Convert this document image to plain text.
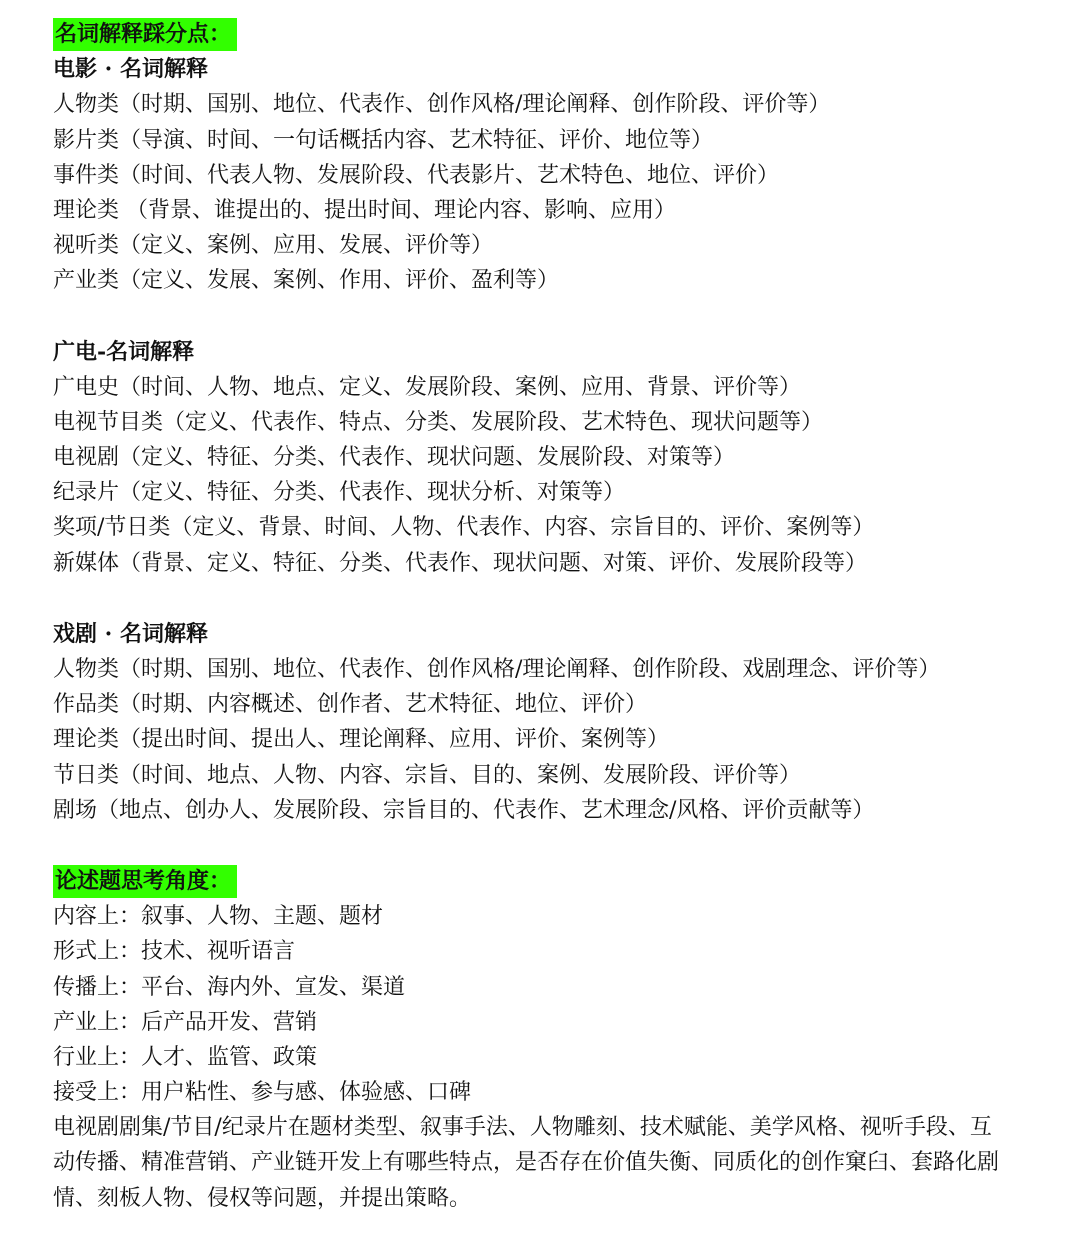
名词解释踩分点：
电影 · 名词解释
人物类（时期、国别、地位、代表作、创作风格/理论阐释、创作阶段、评价等）
影片类（导演、时间、一句话概括内容、艺术特征、评价、地位等）
事件类（时间、代表人物、发展阶段、代表影片、艺术特色、地位、评价）
理论类 （背景、谁提出的、提出时间、理论内容、影响、应用）
视听类（定义、案例、应用、发展、评价等）
产业类（定义、发展、案例、作用、评价、盈利等）
广电-名词解释
广电史（时间、人物、地点、定义、发展阶段、案例、应用、背景、评价等）
电视节目类（定义、代表作、特点、分类、发展阶段、艺术特色、现状问题等）
电视剧（定义、特征、分类、代表作、现状问题、发展阶段、对策等）
纪录片（定义、特征、分类、代表作、现状分析、对策等）
奖项/节日类（定义、背景、时间、人物、代表作、内容、宗旨目的、评价、案例等）
新媒体（背景、定义、特征、分类、代表作、现状问题、对策、评价、发展阶段等）
戏剧 · 名词解释
人物类（时期、国别、地位、代表作、创作风格/理论阐释、创作阶段、戏剧理念、评价等）
作品类（时期、内容概述、创作者、艺术特征、地位、评价）
理论类（提出时间、提出人、理论阐释、应用、评价、案例等）
节日类（时间、地点、人物、内容、宗旨、目的、案例、发展阶段、评价等）
剧场（地点、创办人、发展阶段、宗旨目的、代表作、艺术理念/风格、评价贡献等）
论述题思考角度：
内容上：叙事、人物、主题、题材
形式上：技术、视听语言
传播上：平台、海内外、宣发、渠道
产业上：后产品开发、营销
行业上：人才、监管、政策
接受上：用户粘性、参与感、体验感、口碑

电视剧剧集/节目/纪录片在题材类型、叙事手法、人物雕刻、技术赋能、美学风格、视听手段、互动传播、精准营销、产业链开发上有哪些特点，是否存在价值失衡、同质化的创作窠臼、套路化剧情、刻板人物、侵权等问题，并提出策略。
